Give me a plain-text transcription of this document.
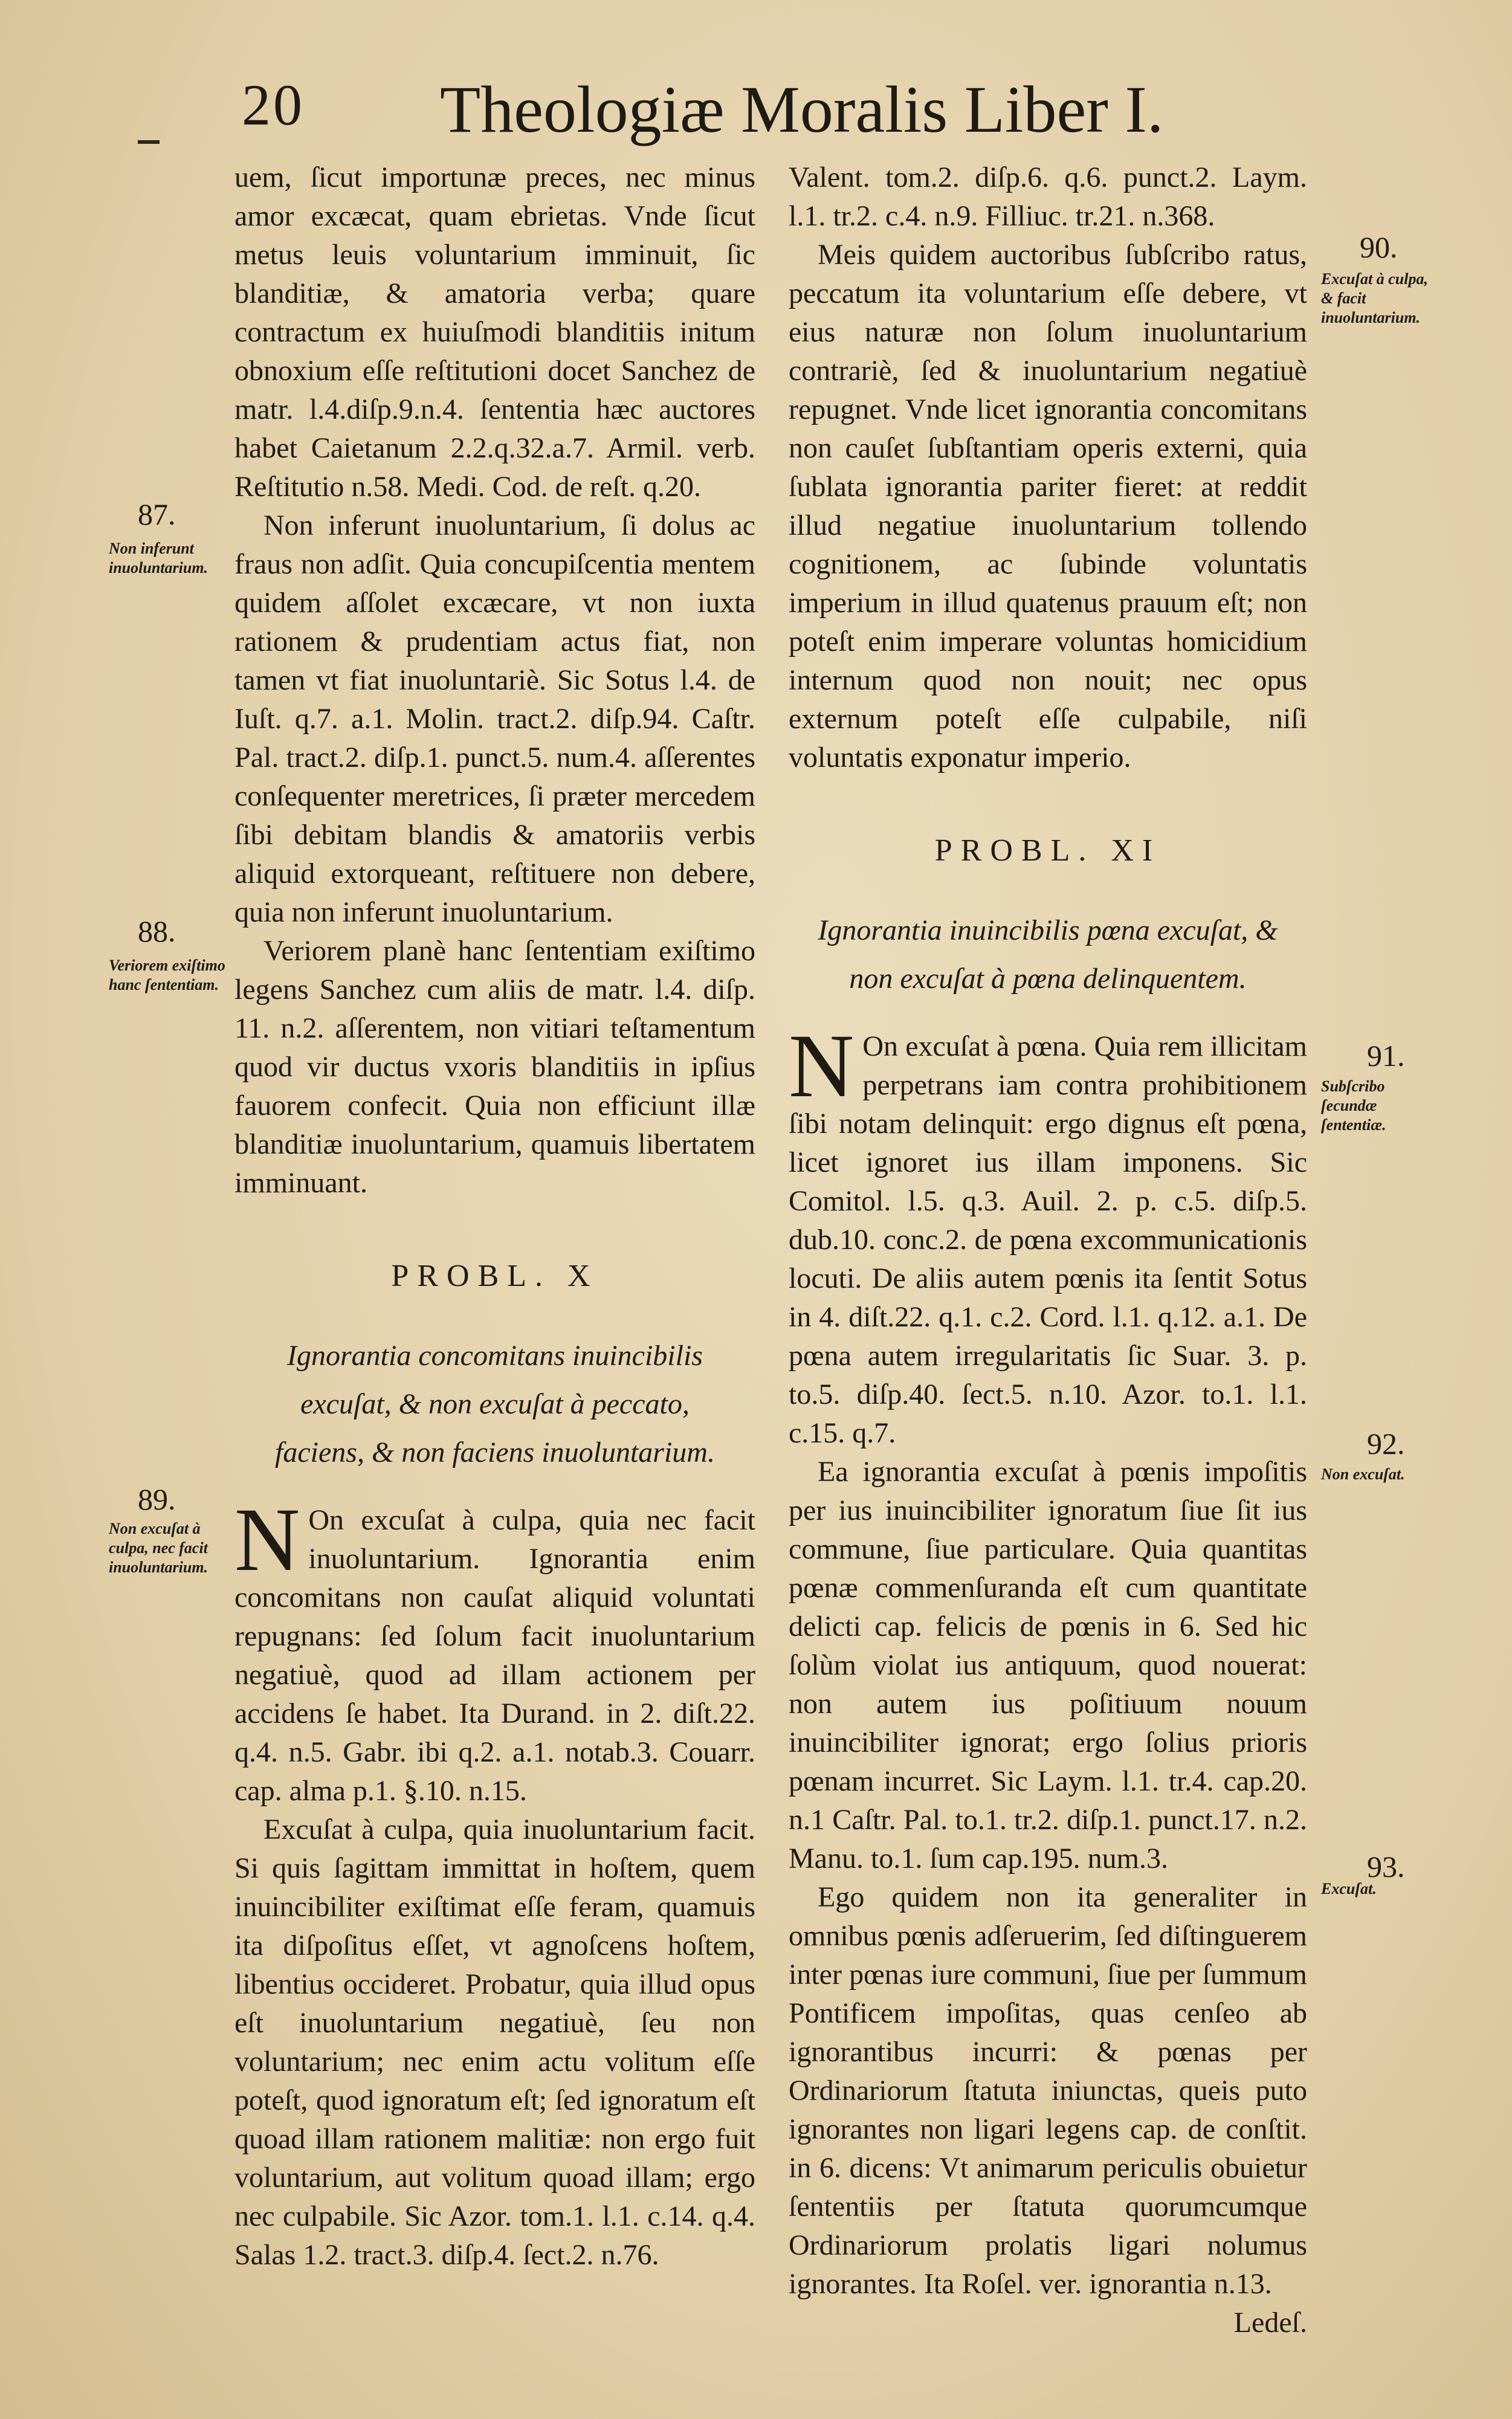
20 Theologiæ Moralis Liber I.

uem, ſicut importunæ preces, nec minus amor excæcat, quam ebrietas. Vnde ſicut metus leuis voluntarium imminuit, ſic blanditiæ, & amatoria verba; quare contractum ex huiuſmodi blanditiis initum obnoxium eſſe reſtitutioni docet Sanchez de matr. l.4.diſp.9.n.4. ſententia hæc auctores habet Caietanum 2.2.q.32.a.7. Armil. verb. Reſtitutio n.58. Medi. Cod. de reſt. q.20.

Non inferunt inuoluntarium, ſi dolus ac fraus non adſit. Quia concupiſcentia mentem quidem aſſolet excæcare, vt non iuxta rationem & prudentiam actus fiat, non tamen vt fiat inuoluntariè. Sic Sotus l.4. de Iuſt. q.7. a.1. Molin. tract.2. diſp.94. Caſtr. Pal. tract.2. diſp.1. punct.5. num.4. aſſerentes conſequenter meretrices, ſi præter mercedem ſibi debitam blandis & amatoriis verbis aliquid extorqueant, reſtituere non debere, quia non inferunt inuoluntarium.

Veriorem planè hanc ſententiam exiſtimo legens Sanchez cum aliis de matr. l.4. diſp. 11. n.2. aſſerentem, non vitiari teſtamentum quod vir ductus vxoris blanditiis in ipſius fauorem confecit. Quia non efficiunt illæ blanditiæ inuoluntarium, quamuis libertatem imminuant.

PROBL. X
Ignorantia concomitans inuincibilis excuſat, & non excuſat à peccato, faciens, & non faciens inuoluntarium.

N On excuſat à culpa, quia nec facit inuoluntarium. Ignorantia enim concomitans non cauſat aliquid voluntati repugnans: ſed ſolum facit inuoluntarium negatiuè, quod ad illam actionem per accidens ſe habet. Ita Durand. in 2. diſt.22. q.4. n.5. Gabr. ibi q.2. a.1. notab.3. Couarr. cap. alma p.1. §.10. n.15.

Excuſat à culpa, quia inuoluntarium facit. Si quis ſagittam immittat in hoſtem, quem inuincibiliter exiſtimat eſſe feram, quamuis ita diſpoſitus eſſet, vt agnoſcens hoſtem, libentius occideret. Probatur, quia illud opus eſt inuoluntarium negatiuè, ſeu non voluntarium; nec enim actu volitum eſſe poteſt, quod ignoratum eſt; ſed ignoratum eſt quoad illam rationem malitiæ: non ergo fuit voluntarium, aut volitum quoad illam; ergo nec culpabile. Sic Azor. tom.1. l.1. c.14. q.4. Salas 1.2. tract.3. diſp.4. ſect.2. n.76.

Valent. tom.2. diſp.6. q.6. punct.2. Laym. l.1. tr.2. c.4. n.9. Filliuc. tr.21. n.368.

Meis quidem auctoribus ſubſcribo ratus, peccatum ita voluntarium eſſe debere, vt eius naturæ non ſolum inuoluntarium contrariè, ſed & inuoluntarium negatiuè repugnet. Vnde licet ignorantia concomitans non cauſet ſubſtantiam operis externi, quia ſublata ignorantia pariter fieret: at reddit illud negatiue inuoluntarium tollendo cognitionem, ac ſubinde voluntatis imperium in illud quatenus prauum eſt; non poteſt enim imperare voluntas homicidium internum quod non nouit; nec opus externum poteſt eſſe culpabile, niſi voluntatis exponatur imperio.

PROBL. XI
Ignorantia inuincibilis pœna excuſat, & non excuſat à pœna delinquentem.

N On excuſat à pœna. Quia rem illicitam perpetrans iam contra prohibitionem ſibi notam delinquit: ergo dignus eſt pœna, licet ignoret ius illam imponens. Sic Comitol. l.5. q.3. Auil. 2. p. c.5. diſp.5. dub.10. conc.2. de pœna excommunicationis locuti. De aliis autem pœnis ita ſentit Sotus in 4. diſt.22. q.1. c.2. Cord. l.1. q.12. a.1. De pœna autem irregularitatis ſic Suar. 3. p. to.5. diſp.40. ſect.5. n.10. Azor. to.1. l.1. c.15. q.7.

Ea ignorantia excuſat à pœnis impoſitis per ius inuincibiliter ignoratum ſiue ſit ius commune, ſiue particulare. Quia quantitas pœnæ commenſuranda eſt cum quantitate delicti cap. felicis de pœnis in 6. Sed hic ſolùm violat ius antiquum, quod nouerat: non autem ius poſitiuum nouum inuincibiliter ignorat; ergo ſolius prioris pœnam incurret. Sic Laym. l.1. tr.4. cap.20. n.1 Caſtr. Pal. to.1. tr.2. diſp.1. punct.17. n.2. Manu. to.1. ſum cap.195. num.3.

Ego quidem non ita generaliter in omnibus pœnis adſeruerim, ſed diſtinguerem inter pœnas iure communi, ſiue per ſummum Pontificem impoſitas, quas cenſeo ab ignorantibus incurri: & pœnas per Ordinariorum ſtatuta iniunctas, queis puto ignorantes non ligari legens cap. de conſtit. in 6. dicens: Vt animarum periculis obuietur ſententiis per ſtatuta quorumcumque Ordinariorum prolatis ligari nolumus ignorantes. Ita Roſel. ver. ignorantia n.13.

Ledeſ.

87.
Non inferunt inuoluntarium.
88.
Veriorem exiſtimo hanc ſententiam.
89.
Non excuſat à culpa, nec facit inuoluntarium.
90.
Excuſat à culpa, & facit inuoluntarium.
91.
Subſcribo ſecundæ ſententiæ.
92.
Non excuſat.
93.
Excuſat.
